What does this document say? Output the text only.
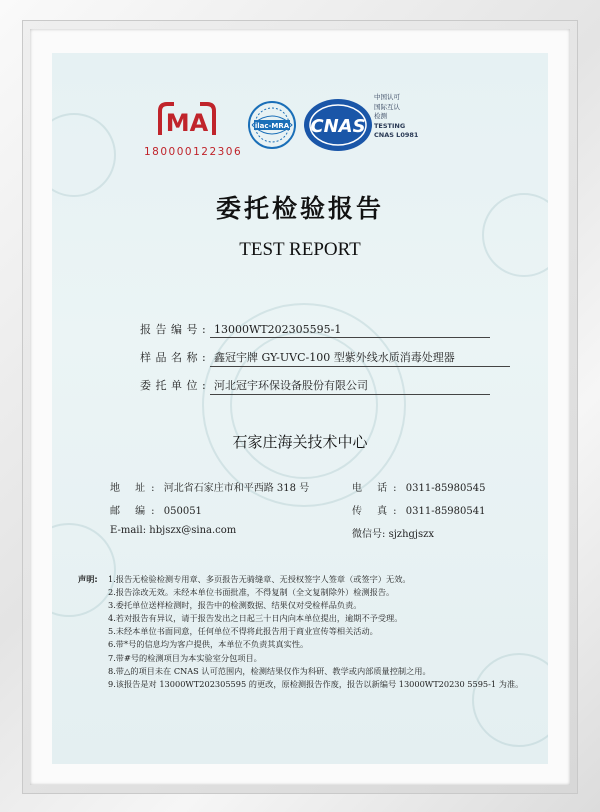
MA
180000122306
ilac-MRA CNAS
中国认可
国际互认
检测
TESTING
CNAS L0981
委托检验报告
TEST REPORT
报告编号: 13000WT202305595-1
样品名称: 鑫冠宇牌 GY-UVC-100 型紫外线水质消毒处理器
委托单位: 河北冠宇环保设备股份有限公司
石家庄海关技术中心
地 址: 河北省石家庄市和平西路 318 号	电 话: 0311-85980545
邮 编: 050051	传 真: 0311-85980541
E-mail: hbjszx@sina.com	微信号: sjzhgjszx
声明: 1.报告无检验检测专用章、多页报告无骑缝章、无授权签字人签章（或签字）无效。
2.报告涂改无效。未经本单位书面批准，不得复制（全文复制除外）检测报告。
3.委托单位送样检测时，报告中的检测数据、结果仅对受检样品负责。
4.若对报告有异议，请于报告发出之日起三十日内向本单位提出，逾期不予受理。
5.未经本单位书面同意，任何单位不得将此报告用于商业宣传等相关活动。
6.带*号的信息均为客户提供，本单位不负责其真实性。
7.带#号的检测项目为本实验室分包项目。
8.带△的项目未在 CNAS 认可范围内，检测结果仅作为科研、教学或内部质量控制之用。
9.该报告是对 13000WT202305595 的更改，原检测报告作废，报告以新编号 13000WT20230 5595-1 为准。
